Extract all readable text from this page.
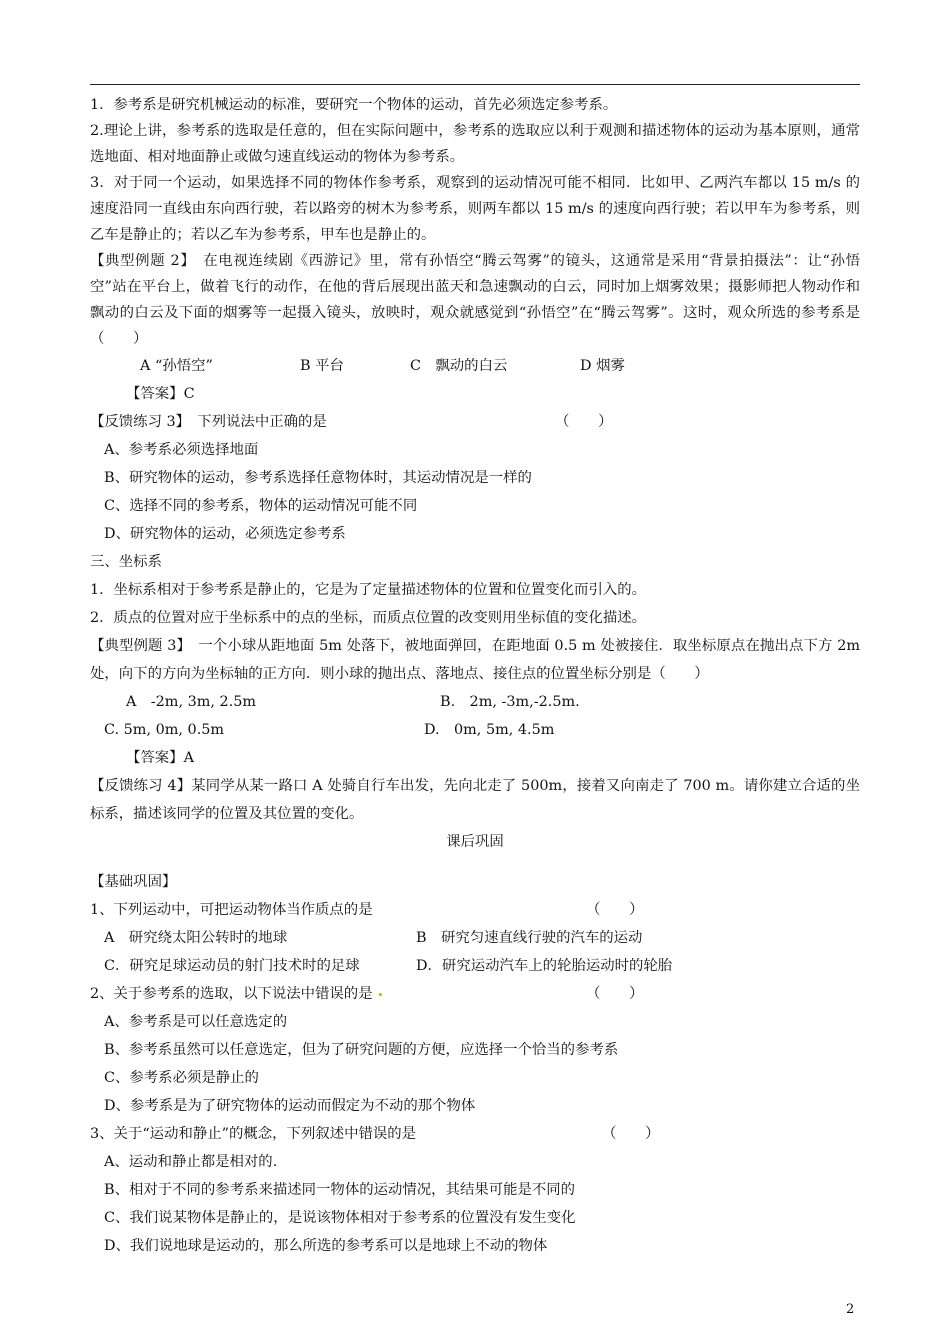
1．参考系是研究机械运动的标准，要研究一个物体的运动，首先必须选定参考系。

2.理论上讲，参考系的选取是任意的，但在实际问题中，参考系的选取应以利于观测和描述物体的运动为基本原则，通常选地面、相对地面静止或做匀速直线运动的物体为参考系。

3．对于同一个运动，如果选择不同的物体作参考系，观察到的运动情况可能不相同．比如甲、乙两汽车都以 15 m/s 的速度沿同一直线由东向西行驶，若以路旁的树木为参考系，则两车都以 15 m/s 的速度向西行驶；若以甲车为参考系，则乙车是静止的；若以乙车为参考系，甲车也是静止的。

【典型例题 2】　在电视连续剧《西游记》里，常有孙悟空“腾云驾雾”的镜头，这通常是采用“背景拍摄法”：让“孙悟空”站在平台上，做着飞行的动作，在他的背后展现出蓝天和急速飘动的白云，同时加上烟雾效果；摄影师把人物动作和飘动的白云及下面的烟雾等一起摄入镜头，放映时，观众就感觉到“孙悟空”在“腾云驾雾”。这时，观众所选的参考系是（　　）

A “孙悟空”	B 平台	C　飘动的白云	D 烟雾
【答案】C
【反馈练习 3】　下列说法中正确的是	（　　）

A、参考系必须选择地面

B、研究物体的运动，参考系选择任意物体时，其运动情况是一样的

C、选择不同的参考系，物体的运动情况可能不同

D、研究物体的运动，必须选定参考系

三、坐标系

1．坐标系相对于参考系是静止的，它是为了定量描述物体的位置和位置变化而引入的。

2．质点的位置对应于坐标系中的点的坐标，而质点位置的改变则用坐标值的变化描述。

【典型例题 3】　一个小球从距地面 5m 处落下，被地面弹回，在距地面 0.5 m 处被接住．取坐标原点在抛出点下方 2m 处，向下的方向为坐标轴的正方向．则小球的抛出点、落地点、接住点的位置坐标分别是（　　）

A　-2m, 3m, 2.5m	B.　2m, -3m,-2.5m.
C. 5m, 0m, 0.5m	D.　0m, 5m, 4.5m
【答案】A

【反馈练习 4】某同学从某一路口 A 处骑自行车出发，先向北走了 500m，接着又向南走了 700 m。请你建立合适的坐标系，描述该同学的位置及其位置的变化。

课后巩固

【基础巩固】

1、下列运动中，可把运动物体当作质点的是	（　　）
A　研究绕太阳公转时的地球	B　研究匀速直线行驶的汽车的运动
C．研究足球运动员的射门技术时的足球	D．研究运动汽车上的轮胎运动时的轮胎
2、关于参考系的选取，以下说法中错误的是	（　　）

A、参考系是可以任意选定的

B、参考系虽然可以任意选定，但为了研究问题的方便，应选择一个恰当的参考系

C、参考系必须是静止的

D、参考系是为了研究物体的运动而假定为不动的那个物体

3、关于“运动和静止”的概念，下列叙述中错误的是	（　　）

A、运动和静止都是相对的.

B、相对于不同的参考系来描述同一物体的运动情况，其结果可能是不同的

C、我们说某物体是静止的，是说该物体相对于参考系的位置没有发生变化

D、我们说地球是运动的，那么所选的参考系可以是地球上不动的物体

2
